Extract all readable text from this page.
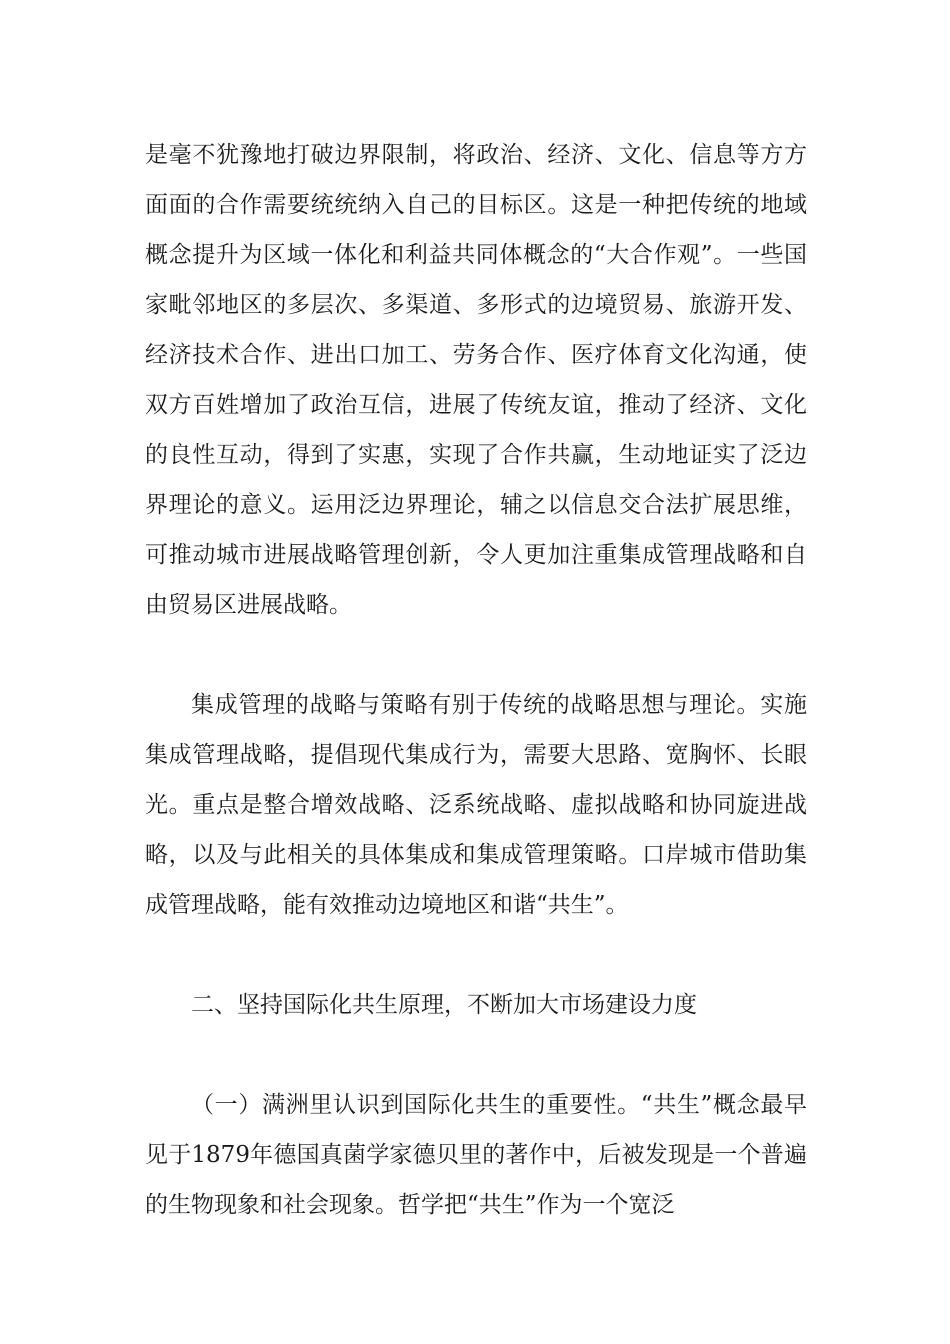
是毫不犹豫地打破边界限制，将政治、经济、文化、信息等方方面面的合作需要统统纳入自己的目标区。这是一种把传统的地域概念提升为区域一体化和利益共同体概念的“大合作观”。一些国家毗邻地区的多层次、多渠道、多形式的边境贸易、旅游开发、经济技术合作、进出口加工、劳务合作、医疗体育文化沟通，使双方百姓增加了政治互信，进展了传统友谊，推动了经济、文化的良性互动，得到了实惠，实现了合作共赢，生动地证实了泛边界理论的意义。运用泛边界理论，辅之以信息交合法扩展思维，可推动城市进展战略管理创新，令人更加注重集成管理战略和自由贸易区进展战略。

集成管理的战略与策略有别于传统的战略思想与理论。实施集成管理战略，提倡现代集成行为，需要大思路、宽胸怀、长眼光。重点是整合增效战略、泛系统战略、虚拟战略和协同旋进战略，以及与此相关的具体集成和集成管理策略。口岸城市借助集成管理战略，能有效推动边境地区和谐“共生”。

二、坚持国际化共生原理，不断加大市场建设力度

（一）满洲里认识到国际化共生的重要性。“共生”概念最早见于1879年德国真菌学家德贝里的著作中，后被发现是一个普遍的生物现象和社会现象。哲学把“共生”作为一个宽泛
